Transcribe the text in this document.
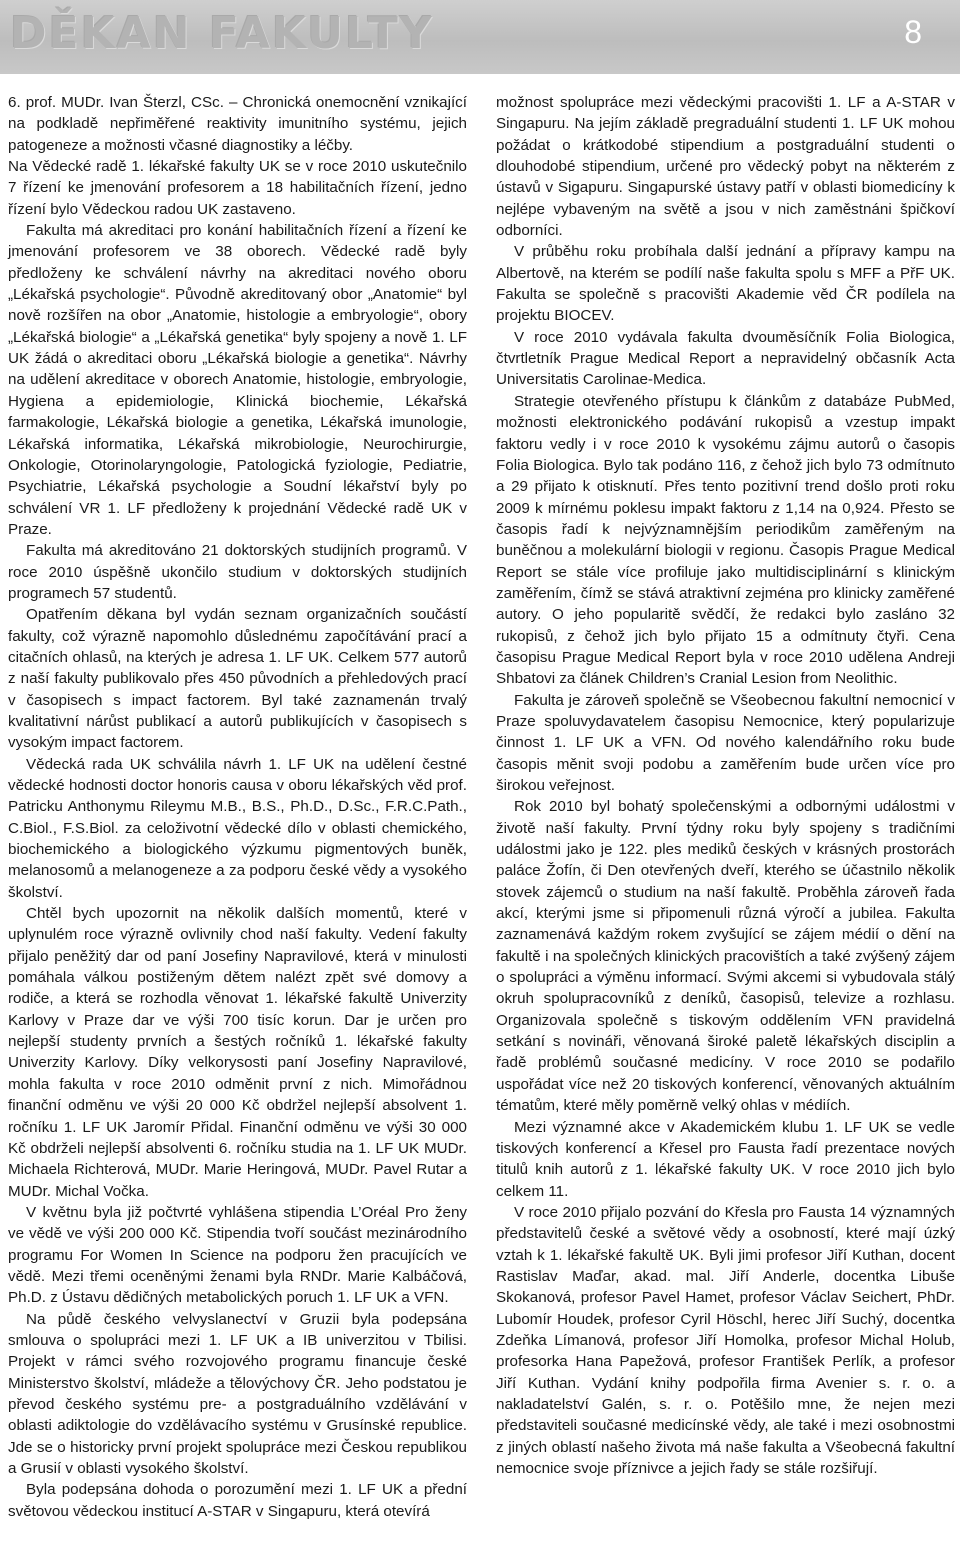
DĚKAN FAKULTY	8

6. prof. MUDr. Ivan Šterzl, CSc. – Chronická onemocnění vznikající na podkladě nepřiměřené reaktivity imunitního systému, jejich patogeneze a možnosti včasné diagnostiky a léčby.

Na Vědecké radě 1. lékařské fakulty UK se v roce 2010 uskutečnilo 7 řízení ke jmenování profesorem a 18 habilitačních řízení, jedno řízení bylo Vědeckou radou UK zastaveno.

Fakulta má akreditaci pro konání habilitačních řízení a řízení ke jmenování profesorem ve 38 oborech. Vědecké radě byly předloženy ke schválení návrhy na akreditaci nového oboru „Lékařská psychologie“. Původně akreditovaný obor „Anatomie“ byl nově rozšířen na obor „Anatomie, histologie a embryologie“, obory „Lékařská biologie“ a „Lékařská genetika“ byly spojeny a nově 1. LF UK žádá o akreditaci oboru „Lékařská biologie a genetika“. Návrhy na udělení akreditace v oborech Anatomie, histologie, embryologie, Hygiena a epidemiologie, Klinická biochemie, Lékařská farmakologie, Lékařská biologie a genetika, Lékařská imunologie, Lékařská informatika, Lékařská mikrobiologie, Neurochirurgie, Onkologie, Otorinolaryngologie, Patologická fyziologie, Pediatrie, Psychiatrie, Lékařská psychologie a Soudní lékařství byly po schválení VR 1. LF předloženy k projednání Vědecké radě UK v Praze.

Fakulta má akreditováno 21 doktorských studijních programů. V roce 2010 úspěšně ukončilo studium v doktorských studijních programech 57 studentů.

Opatřením děkana byl vydán seznam organizačních součástí fakulty, což výrazně napomohlo důslednému započítávání prací a citačních ohlasů, na kterých je adresa 1. LF UK. Celkem 577 autorů z naší fakulty publikovalo přes 450 původních a přehledových prací v časopisech s impact factorem. Byl také zaznamenán trvalý kvalitativní nárůst publikací a autorů publikujících v časopisech s vysokým impact factorem.

Vědecká rada UK schválila návrh 1. LF UK na udělení čestné vědecké hodnosti doctor honoris causa v oboru lékařských věd prof. Patricku Anthonymu Rileymu M.B., B.S., Ph.D., D.Sc., F.R.C.Path., C.Biol., F.S.Biol. za celoživotní vědecké dílo v oblasti chemického, biochemického a biologického výzkumu pigmentových buněk, melanosomů a melanogeneze a za podporu české vědy a vysokého školství.

Chtěl bych upozornit na několik dalších momentů, které v uplynulém roce výrazně ovlivnily chod naší fakulty. Vedení fakulty přijalo peněžitý dar od paní Josefiny Napravilové, která v minulosti pomáhala válkou postiženým dětem nalézt zpět své domovy a rodiče, a která se rozhodla věnovat 1. lékařské fakultě Univerzity Karlovy v Praze dar ve výši 700 tisíc korun. Dar je určen pro nejlepší studenty prvních a šestých ročníků 1. lékařské fakulty Univerzity Karlovy. Díky velkorysosti paní Josefiny Napravilové, mohla fakulta v roce 2010 odměnit první z nich. Mimořádnou finanční odměnu ve výši 20 000 Kč obdržel nejlepší absolvent 1. ročníku 1. LF UK Jaromír Přidal. Finanční odměnu ve výši 30 000 Kč obdrželi nejlepší absolventi 6. ročníku studia na 1. LF UK MUDr. Michaela Richterová, MUDr. Marie Heringová, MUDr. Pavel Rutar a MUDr. Michal Vočka.

V květnu byla již počtvrté vyhlášena stipendia L’Oréal Pro ženy ve vědě ve výši 200 000 Kč. Stipendia tvoří součást mezinárodního programu For Women In Science na podporu žen pracujících ve vědě. Mezi třemi oceněnými ženami byla RNDr. Marie Kalbáčová, Ph.D. z Ústavu dědičných metabolických poruch 1. LF UK a VFN.

Na půdě českého velvyslanectví v Gruzii byla podepsána smlouva o spolupráci mezi 1. LF UK a IB univerzitou v Tbilisi. Projekt v rámci svého rozvojového programu financuje české Ministerstvo školství, mládeže a tělovýchovy ČR. Jeho podstatou je převod českého systému pre- a postgraduálního vzdělávání v oblasti adiktologie do vzdělávacího systému v Grusínské republice. Jde se o historicky první projekt spolupráce mezi Českou republikou a Grusií v oblasti vysokého školství.

Byla podepsána dohoda o porozumění mezi 1. LF UK a přední světovou vědeckou institucí A-STAR v Singapuru, která otevírá

možnost spolupráce mezi vědeckými pracovišti 1. LF a A-STAR v Singapuru. Na jejím základě pregraduální studenti 1. LF UK mohou požádat o krátkodobé stipendium a postgraduální studenti o dlouhodobé stipendium, určené pro vědecký pobyt na některém z ústavů v Sigapuru. Singapurské ústavy patří v oblasti biomedicíny k nejlépe vybaveným na světě a jsou v nich zaměstnáni špičkoví odborníci.

V průběhu roku probíhala další jednání a přípravy kampu na Albertově, na kterém se podílí naše fakulta spolu s MFF a PřF UK. Fakulta se společně s pracovišti Akademie věd ČR podílela na projektu BIOCEV.

V roce 2010 vydávala fakulta dvouměsíčník Folia Biologica, čtvrtletník Prague Medical Report a nepravidelný občasník Acta Universitatis Carolinae-Medica.

Strategie otevřeného přístupu k článkům z databáze PubMed, možnosti elektronického podávání rukopisů a vzestup impakt faktoru vedly i v roce 2010 k vysokému zájmu autorů o časopis Folia Biologica. Bylo tak podáno 116, z čehož jich bylo 73 odmítnuto a 29 přijato k otisknutí. Přes tento pozitivní trend došlo proti roku 2009 k mírnému poklesu impakt faktoru z 1,14 na 0,924. Přesto se časopis řadí k nejvýznamnějším periodikům zaměřeným na buněčnou a molekulární biologii v regionu. Časopis Prague Medical Report se stále více profiluje jako multidisciplinární s klinickým zaměřením, čímž se stává atraktivní zejména pro klinicky zaměřené autory. O jeho popularitě svědčí, že redakci bylo zasláno 32 rukopisů, z čehož jich bylo přijato 15 a odmítnuty čtyři. Cena časopisu Prague Medical Report byla v roce 2010 udělena Andreji Shbatovi za článek Children’s Cranial Lesion from Neolithic.

Fakulta je zároveň společně se Všeobecnou fakultní nemocnicí v Praze spoluvydavatelem časopisu Nemocnice, který popularizuje činnost 1. LF UK a VFN. Od nového kalendářního roku bude časopis měnit svoji podobu a zaměřením bude určen více pro širokou veřejnost.

Rok 2010 byl bohatý společenskými a odbornými událostmi v životě naší fakulty. První týdny roku byly spojeny s tradičními událostmi jako je 122. ples mediků českých v krásných prostorách paláce Žofín, či Den otevřených dveří, kterého se účastnilo několik stovek zájemců o studium na naší fakultě. Proběhla zároveň řada akcí, kterými jsme si připomenuli různá výročí a jubilea. Fakulta zaznamenává každým rokem zvyšující se zájem médií o dění na fakultě i na společných klinických pracovištích a také zvýšený zájem o spolupráci a výměnu informací. Svými akcemi si vybudovala stálý okruh spolupracovníků z deníků, časopisů, televize a rozhlasu. Organizovala společně s tiskovým oddělením VFN pravidelná setkání s novináři, věnovaná široké paletě lékařských disciplin a řadě problémů současné medicíny. V roce 2010 se podařilo uspořádat více než 20 tiskových konferencí, věnovaných aktuálním tématům, které měly poměrně velký ohlas v médiích.

Mezi významné akce v Akademickém klubu 1. LF UK se vedle tiskových konferencí a Křesel pro Fausta řadí prezentace nových titulů knih autorů z 1. lékařské fakulty UK. V roce 2010 jich bylo celkem 11.

V roce 2010 přijalo pozvání do Křesla pro Fausta 14 významných představitelů české a světové vědy a osobností, které mají úzký vztah k 1. lékařské fakultě UK. Byli jimi profesor Jiří Kuthan, docent Rastislav Maďar, akad. mal. Jiří Anderle, docentka Libuše Skokanová, profesor Pavel Hamet, profesor Václav Seichert, PhDr. Lubomír Houdek, profesor Cyril Höschl, herec Jiří Suchý, docentka Zdeňka Límanová, profesor Jiří Homolka, profesor Michal Holub, profesorka Hana Papežová, profesor František Perlík, a profesor Jiří Kuthan. Vydání knihy podpořila firma Avenier s. r. o. a nakladatelství Galén, s. r. o. Potěšilo mne, že nejen mezi představiteli současné medicínské vědy, ale také i mezi osobnostmi z jiných oblastí našeho života má naše fakulta a Všeobecná fakultní nemocnice svoje příznivce a jejich řady se stále rozšiřují.
